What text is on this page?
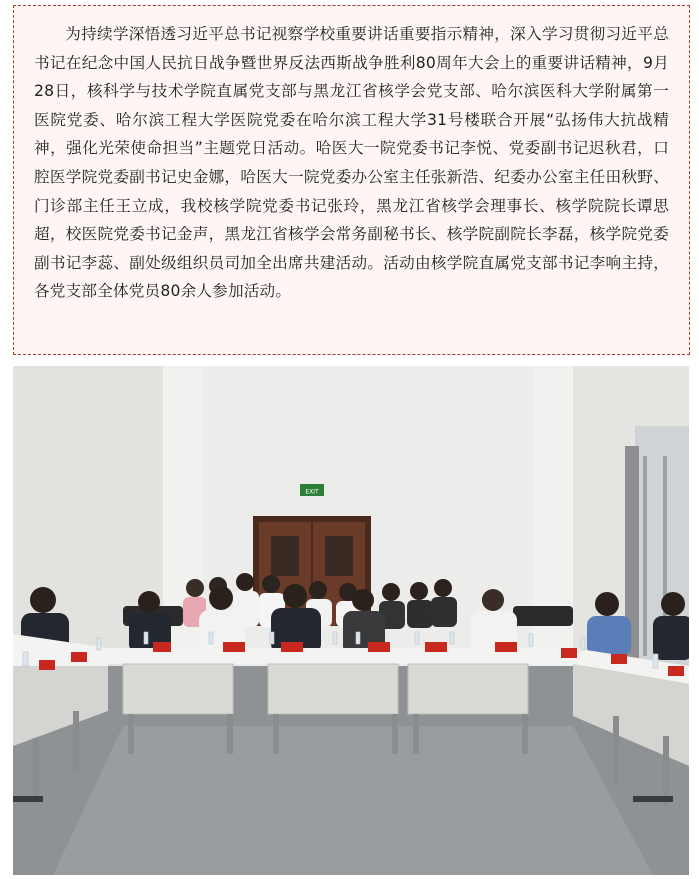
为持续学深悟透习近平总书记视察学校重要讲话重要指示精神，深入学习贯彻习近平总书记在纪念中国人民抗日战争暨世界反法西斯战争胜利80周年大会上的重要讲话精神，9月28日，核科学与技术学院直属党支部与黑龙江省核学会党支部、哈尔滨医科大学附属第一医院党委、哈尔滨工程大学医院党委在哈尔滨工程大学31号楼联合开展“弘扬伟大抗战精神，强化光荣使命担当”主题党日活动。哈医大一院党委书记李悦、党委副书记迟秋君，口腔医学院党委副书记史金娜，哈医大一院党委办公室主任张新浩、纪委办公室主任田秋野、门诊部主任王立成，我校核学院党委书记张玲，黑龙江省核学会理事长、核学院院长谭思超，校医院党委书记金声，黑龙江省核学会常务副秘书长、核学院副院长李磊，核学院党委副书记李蕊、副处级组织员司加全出席共建活动。活动由核学院直属党支部书记李响主持，各党支部全体党员80余人参加活动。

EXIT
